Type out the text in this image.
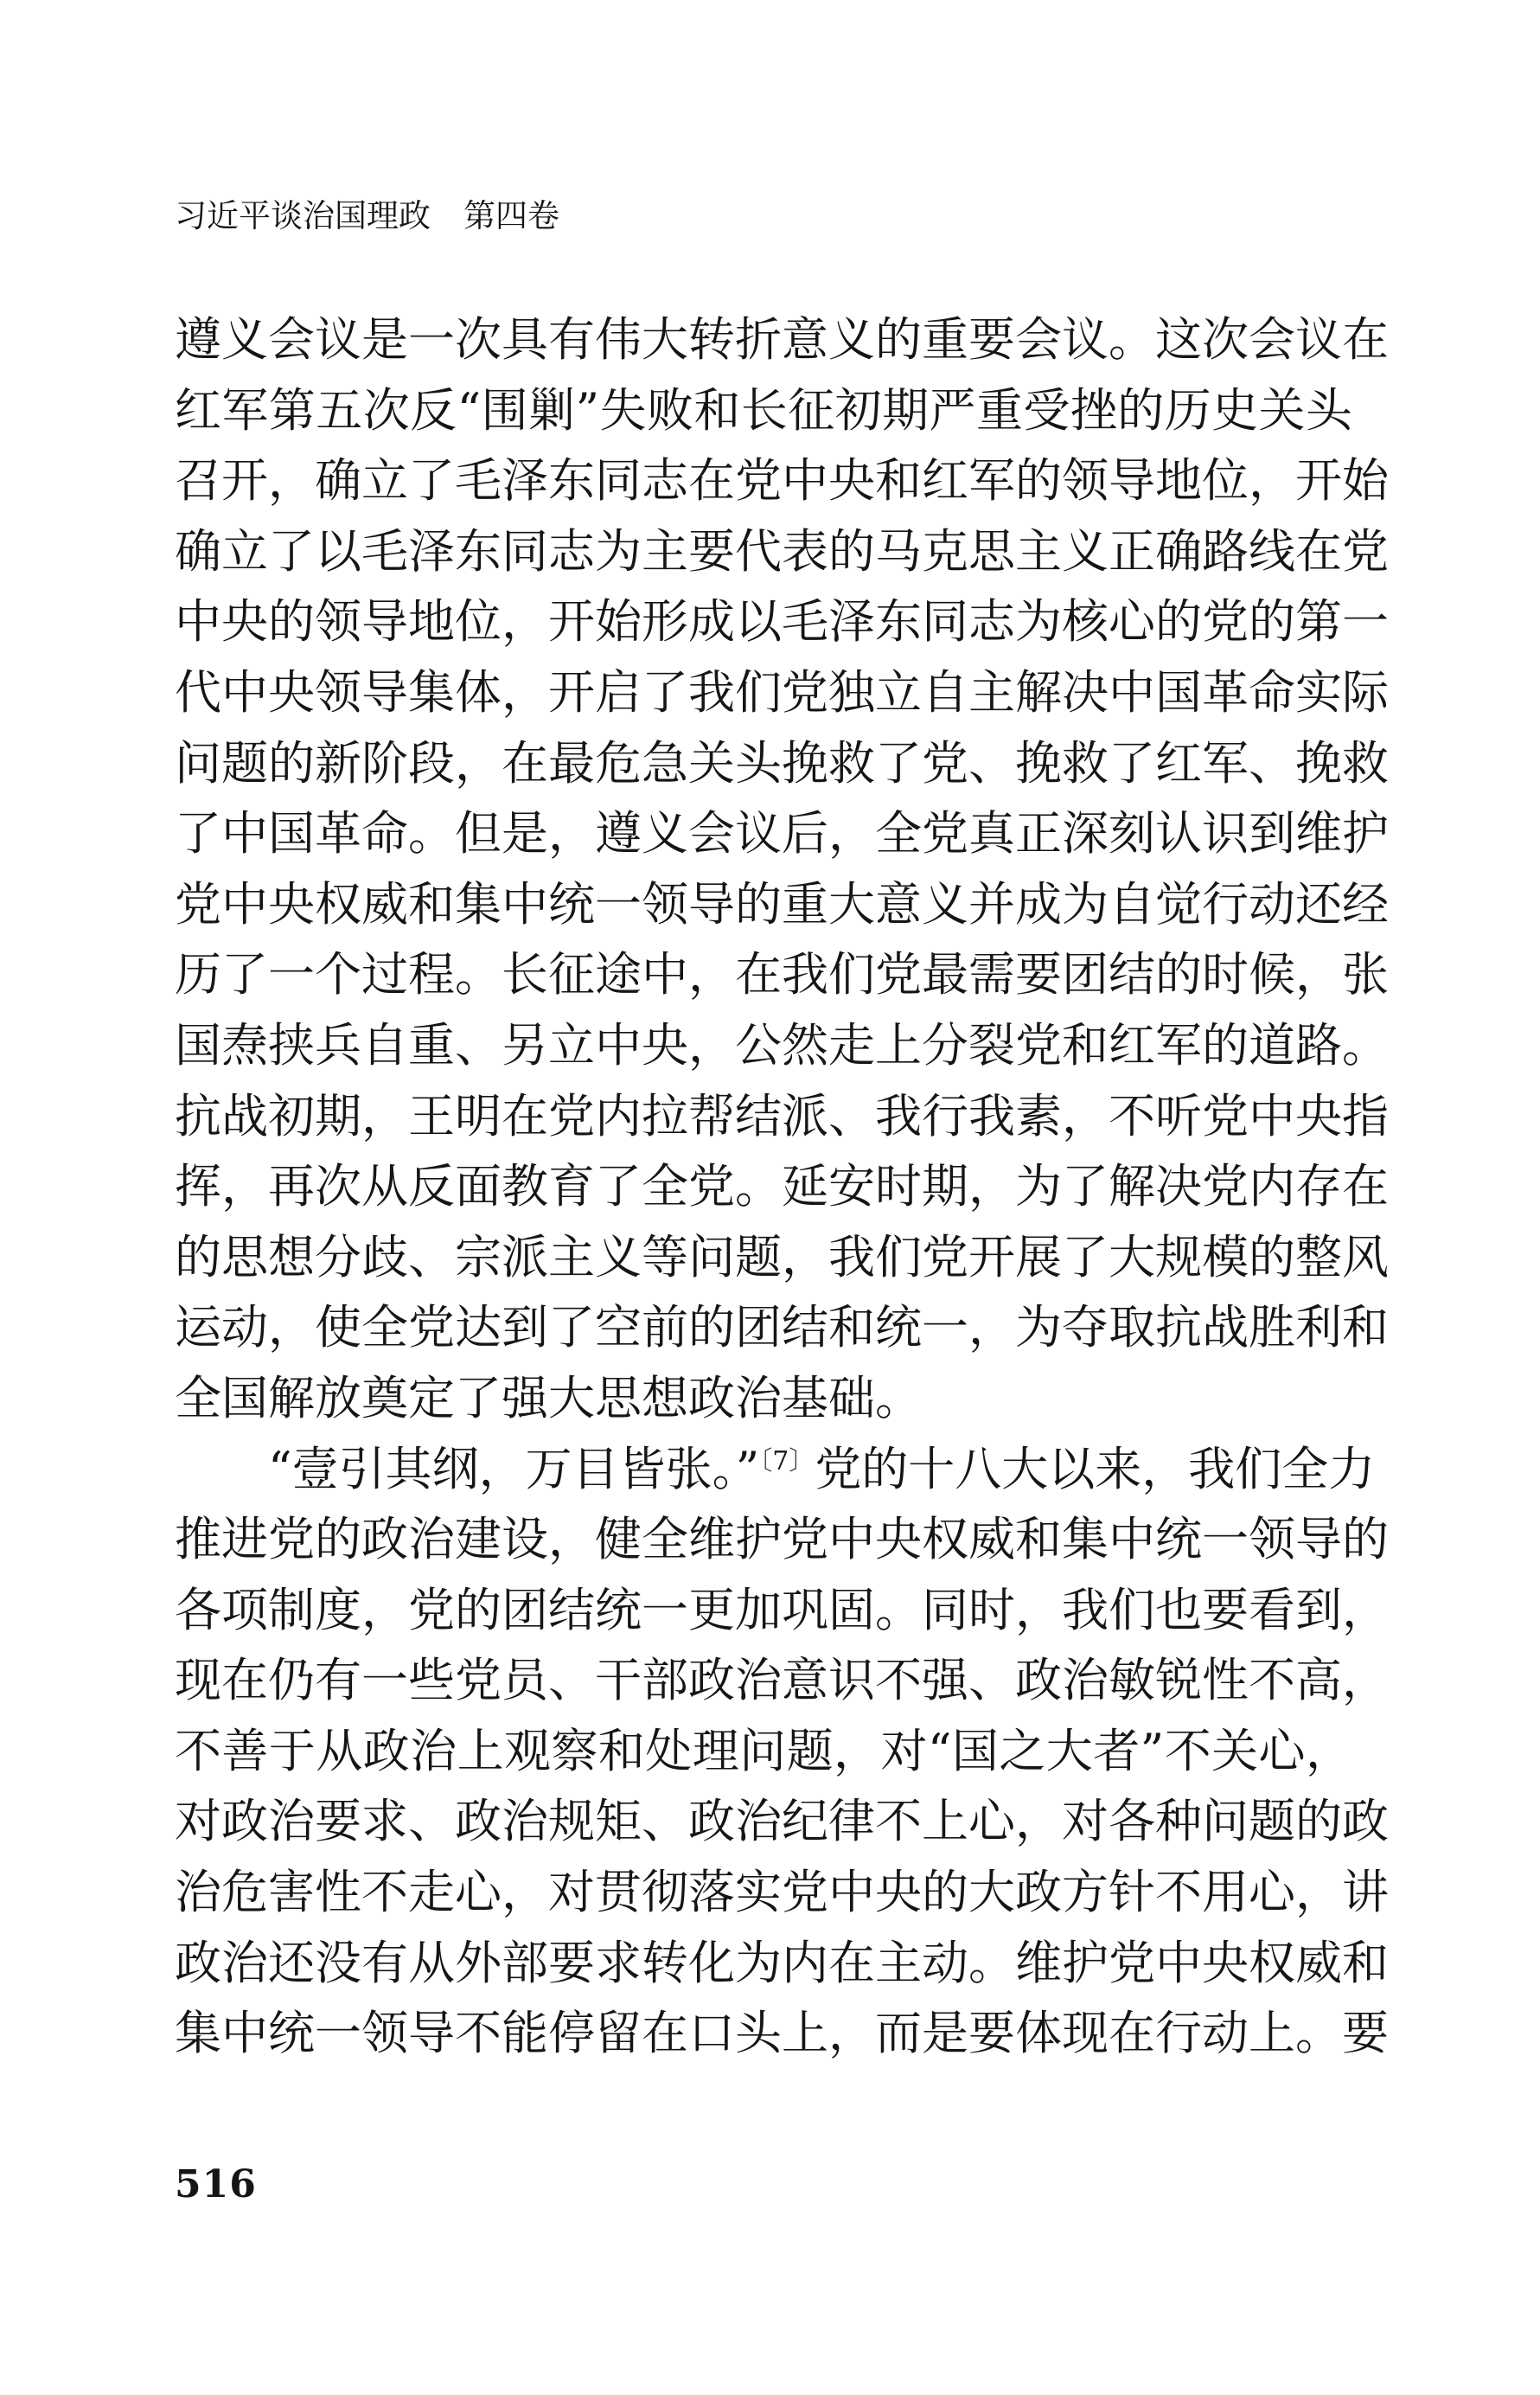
习近平谈治国理政 第四卷
遵义会议是一次具有伟大转折意义的重要会议。这次会议在
红军第五次反“围剿”失败和长征初期严重受挫的历史关头
召开，确立了毛泽东同志在党中央和红军的领导地位，开始
确立了以毛泽东同志为主要代表的马克思主义正确路线在党
中央的领导地位，开始形成以毛泽东同志为核心的党的第一
代中央领导集体，开启了我们党独立自主解决中国革命实际
问题的新阶段，在最危急关头挽救了党、挽救了红军、挽救
了中国革命。但是，遵义会议后，全党真正深刻认识到维护
党中央权威和集中统一领导的重大意义并成为自觉行动还经
历了一个过程。长征途中，在我们党最需要团结的时候，张
国焘挟兵自重、另立中央，公然走上分裂党和红军的道路。
抗战初期，王明在党内拉帮结派、我行我素，不听党中央指
挥，再次从反面教育了全党。延安时期，为了解决党内存在
的思想分歧、宗派主义等问题，我们党开展了大规模的整风
运动，使全党达到了空前的团结和统一，为夺取抗战胜利和
全国解放奠定了强大思想政治基础。
“壹引其纲，万目皆张。”$^{〔7〕}$党的十八大以来，我们全力
推进党的政治建设，健全维护党中央权威和集中统一领导的
各项制度，党的团结统一更加巩固。同时，我们也要看到，
现在仍有一些党员、干部政治意识不强、政治敏锐性不高，
不善于从政治上观察和处理问题，对“国之大者”不关心，
对政治要求、政治规矩、政治纪律不上心，对各种问题的政
治危害性不走心，对贯彻落实党中央的大政方针不用心，讲
政治还没有从外部要求转化为内在主动。维护党中央权威和
集中统一领导不能停留在口头上，而是要体现在行动上。要
516
